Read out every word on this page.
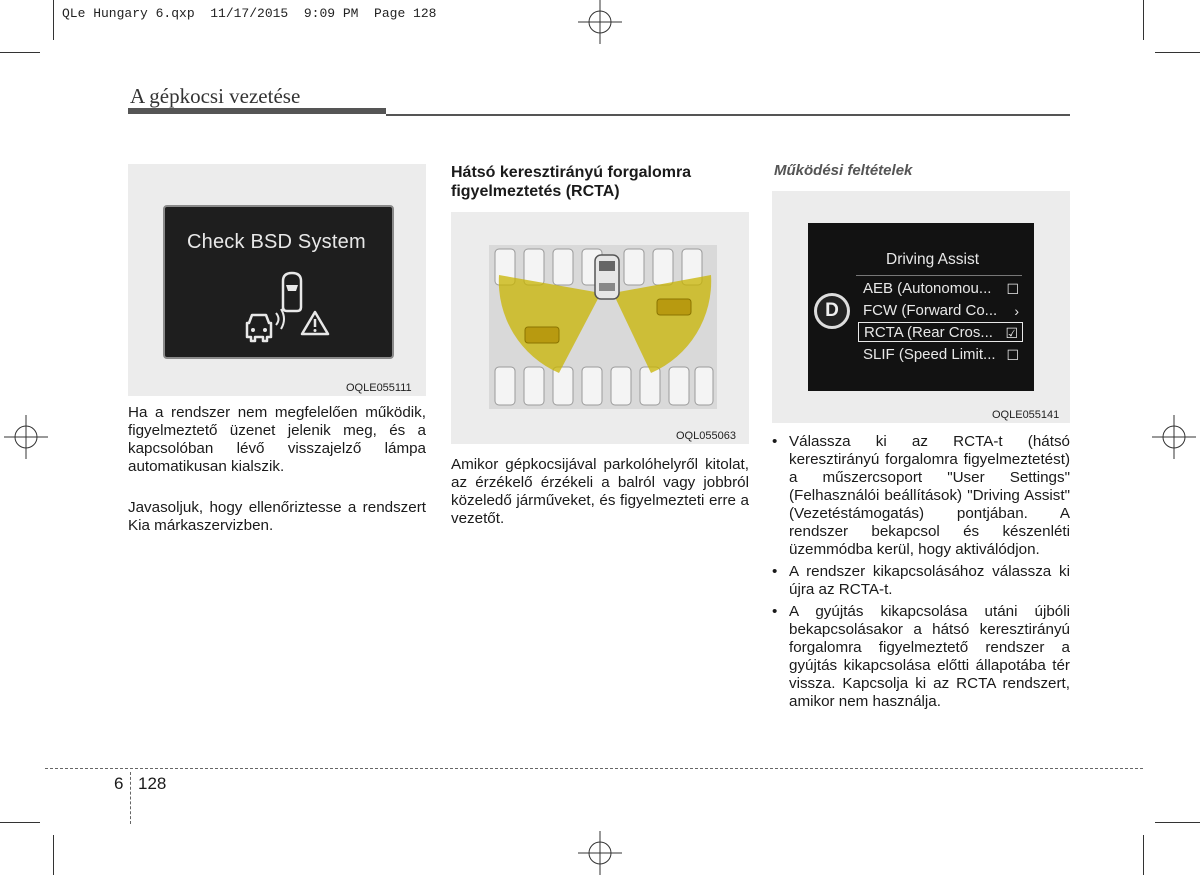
QLe Hungary 6.qxp  11/17/2015  9:09 PM  Page 128
A gépkocsi vezetése
Check BSD System
OQLE055111
Ha a rendszer nem megfelelően működik, figyelmeztető üzenet jelenik meg, és a kapcsolóban lévő visszajelző lámpa automatikusan kialszik.
Javasoljuk, hogy ellenőriztesse a rendszert Kia márkaszervizben.
Hátsó keresztirányú forgalomra figyelmeztetés (RCTA)
OQL055063
Amikor gépkocsijával parkolóhelyről kitolat, az érzékelő érzékeli a balról vagy jobbról közeledő járműveket, és figyelmezteti erre a vezetőt.
Működési feltételek
D
Driving Assist
AEB (Autonomou... ☐
FCW (Forward Co... ›
RCTA (Rear Cros... ☑
SLIF (Speed Limit... ☐
OQLE055141
• Válassza ki az RCTA-t (hátsó keresztirányú forgalomra figyelmeztetést) a műszercsoport "User Settings" (Felhasználói beállítások) "Driving Assist" (Vezetéstámogatás) pontjában. A rendszer bekapcsol és készenléti üzemmódba kerül, hogy aktiválódjon.
• A rendszer kikapcsolásához válassza ki újra az RCTA-t.
• A gyújtás kikapcsolása utáni újbóli bekapcsolásakor a hátsó keresztirányú forgalomra figyelmeztető rendszer a gyújtás kikapcsolása előtti állapotába tér vissza. Kapcsolja ki az RCTA rendszert, amikor nem használja.
6 128
